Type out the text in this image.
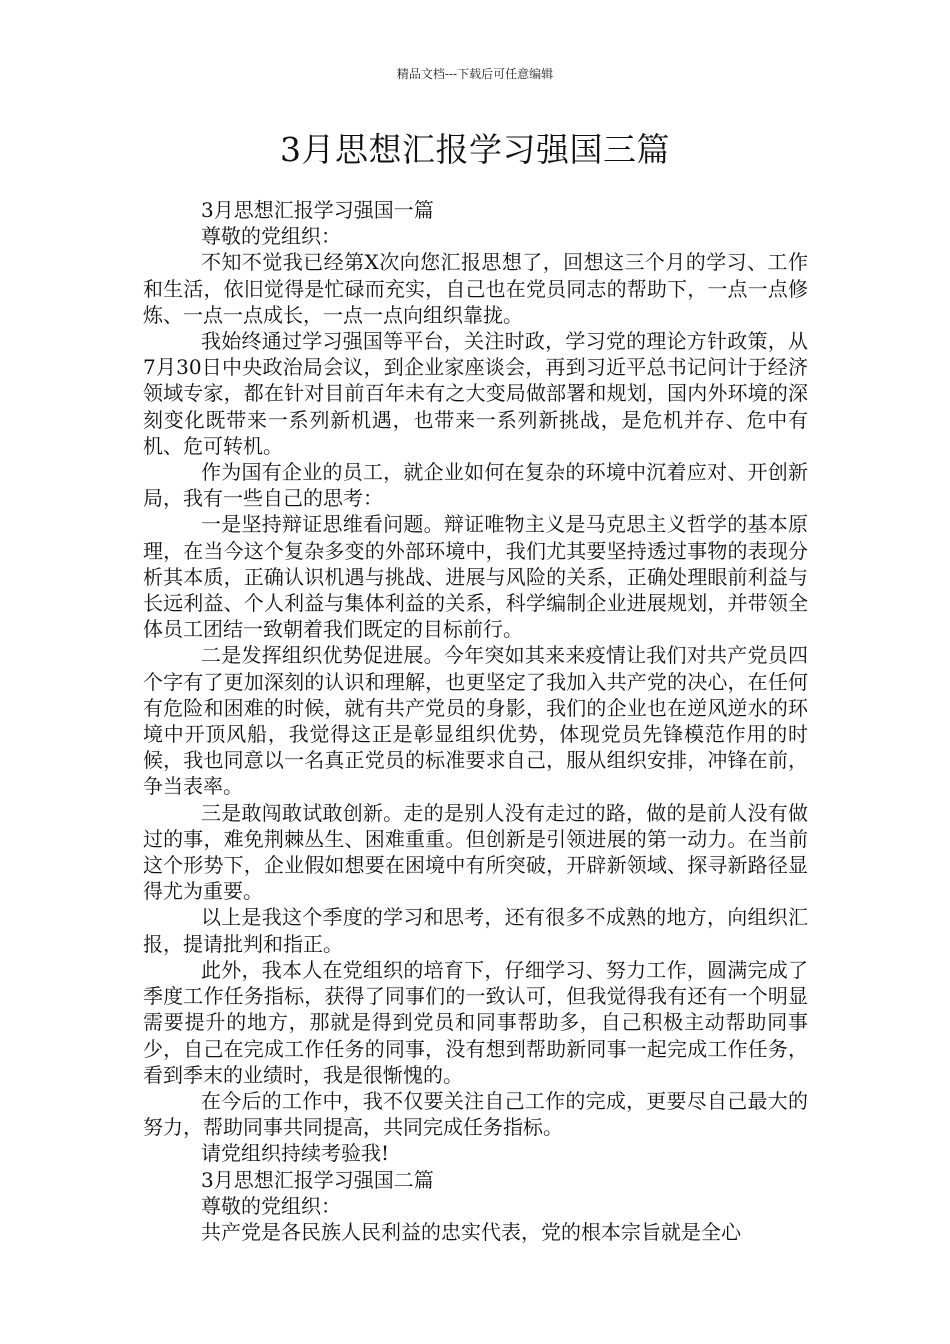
精品文档---下载后可任意编辑
3月思想汇报学习强国三篇

3月思想汇报学习强国一篇

尊敬的党组织：

不知不觉我已经第X次向您汇报思想了，回想这三个月的学习、工作和生活，依旧觉得是忙碌而充实，自己也在党员同志的帮助下，一点一点修炼、一点一点成长，一点一点向组织靠拢。

我始终通过学习强国等平台，关注时政，学习党的理论方针政策，从7月30日中央政治局会议，到企业家座谈会，再到习近平总书记问计于经济领域专家，都在针对目前百年未有之大变局做部署和规划，国内外环境的深刻变化既带来一系列新机遇，也带来一系列新挑战，是危机并存、危中有机、危可转机。

作为国有企业的员工，就企业如何在复杂的环境中沉着应对、开创新局，我有一些自己的思考：

一是坚持辩证思维看问题。辩证唯物主义是马克思主义哲学的基本原理，在当今这个复杂多变的外部环境中，我们尤其要坚持透过事物的表现分析其本质，正确认识机遇与挑战、进展与风险的关系，正确处理眼前利益与长远利益、个人利益与集体利益的关系，科学编制企业进展规划，并带领全体员工团结一致朝着我们既定的目标前行。

二是发挥组织优势促进展。今年突如其来来疫情让我们对共产党员四个字有了更加深刻的认识和理解，也更坚定了我加入共产党的决心，在任何有危险和困难的时候，就有共产党员的身影，我们的企业也在逆风逆水的环境中开顶风船，我觉得这正是彰显组织优势，体现党员先锋模范作用的时候，我也同意以一名真正党员的标准要求自己，服从组织安排，冲锋在前，争当表率。

三是敢闯敢试敢创新。走的是别人没有走过的路，做的是前人没有做过的事，难免荆棘丛生、困难重重。但创新是引领进展的第一动力。在当前这个形势下，企业假如想要在困境中有所突破，开辟新领域、探寻新路径显得尤为重要。

以上是我这个季度的学习和思考，还有很多不成熟的地方，向组织汇报，提请批判和指正。

此外，我本人在党组织的培育下，仔细学习、努力工作，圆满完成了季度工作任务指标，获得了同事们的一致认可，但我觉得我有还有一个明显需要提升的地方，那就是得到党员和同事帮助多，自己积极主动帮助同事少，自己在完成工作任务的同事，没有想到帮助新同事一起完成工作任务，看到季末的业绩时，我是很惭愧的。

在今后的工作中，我不仅要关注自己工作的完成，更要尽自己最大的努力，帮助同事共同提高，共同完成任务指标。

请党组织持续考验我!

3月思想汇报学习强国二篇

尊敬的党组织：

共产党是各民族人民利益的忠实代表，党的根本宗旨就是全心
